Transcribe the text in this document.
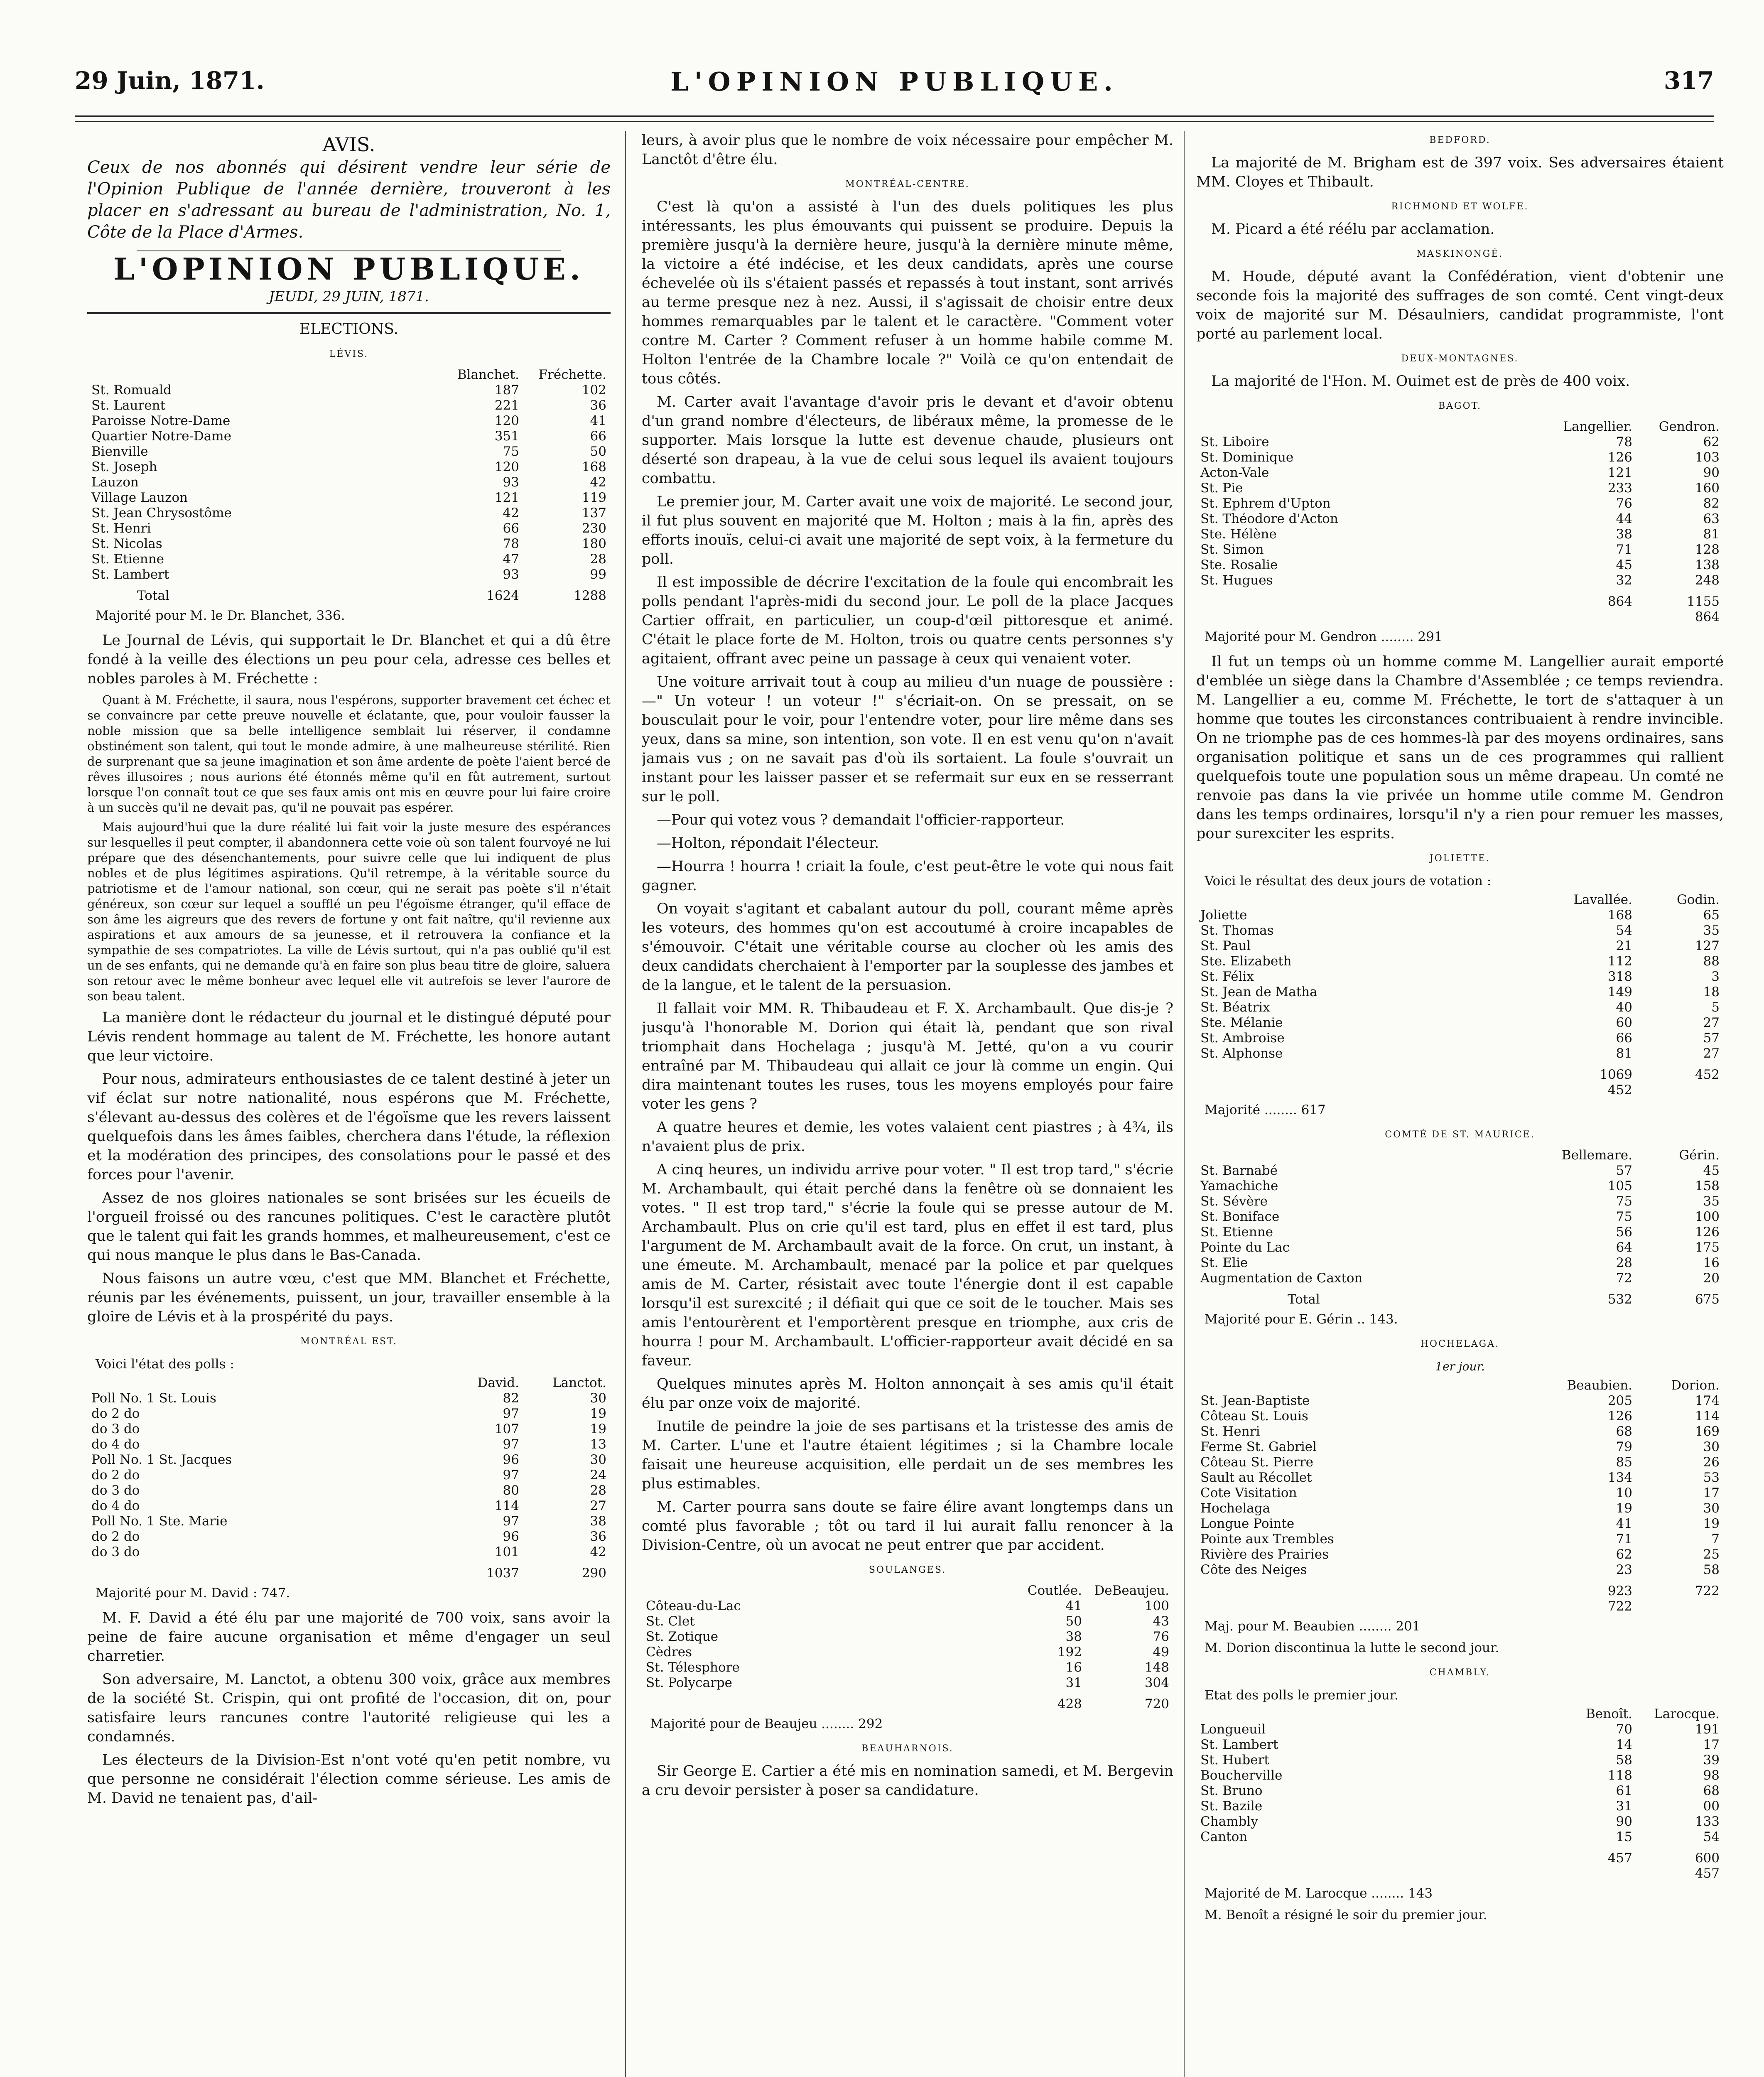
29 Juin, 1871.	L'OPINION PUBLIQUE.	317
AVIS.

Ceux de nos abonnés qui désirent vendre leur série de l'Opinion Publique de l'année dernière, trouveront à les placer en s'adressant au bureau de l'administration, No. 1, Côte de la Place d'Armes.

L'OPINION PUBLIQUE.
JEUDI, 29 JUIN, 1871.
ELECTIONS.
LÉVIS.
	Blanchet.	Fréchette.
St. Romuald	187	102
St. Laurent	221	36
Paroisse Notre-Dame	120	41
Quartier Notre-Dame	351	66
Bienville	75	50
St. Joseph	120	168
Lauzon	93	42
Village Lauzon	121	119
St. Jean Chrysostôme	42	137
St. Henri	66	230
St. Nicolas	78	180
St. Etienne	47	28
St. Lambert	93	99
Total	1624	1288
Majorité pour M. le Dr. Blanchet, 336.

Le Journal de Lévis, qui supportait le Dr. Blanchet et qui a dû être fondé à la veille des élections un peu pour cela, adresse ces belles et nobles paroles à M. Fréchette :

Quant à M. Fréchette, il saura, nous l'espérons, supporter bravement cet échec et se convaincre par cette preuve nouvelle et éclatante, que, pour vouloir fausser la noble mission que sa belle intelligence semblait lui réserver, il condamne obstinément son talent, qui tout le monde admire, à une malheureuse stérilité. Rien de surprenant que sa jeune imagination et son âme ardente de poète l'aient bercé de rêves illusoires ; nous aurions été étonnés même qu'il en fût autrement, surtout lorsque l'on connaît tout ce que ses faux amis ont mis en œuvre pour lui faire croire à un succès qu'il ne devait pas, qu'il ne pouvait pas espérer.

Mais aujourd'hui que la dure réalité lui fait voir la juste mesure des espérances sur lesquelles il peut compter, il abandonnera cette voie où son talent fourvoyé ne lui prépare que des désenchantements, pour suivre celle que lui indiquent de plus nobles et de plus légitimes aspirations. Qu'il retrempe, à la véritable source du patriotisme et de l'amour national, son cœur, qui ne serait pas poète s'il n'était généreux, son cœur sur lequel a soufflé un peu l'égoïsme étranger, qu'il efface de son âme les aigreurs que des revers de fortune y ont fait naître, qu'il revienne aux aspirations et aux amours de sa jeunesse, et il retrouvera la confiance et la sympathie de ses compatriotes. La ville de Lévis surtout, qui n'a pas oublié qu'il est un de ses enfants, qui ne demande qu'à en faire son plus beau titre de gloire, saluera son retour avec le même bonheur avec lequel elle vit autrefois se lever l'aurore de son beau talent.

La manière dont le rédacteur du journal et le distingué député pour Lévis rendent hommage au talent de M. Fréchette, les honore autant que leur victoire.

Pour nous, admirateurs enthousiastes de ce talent destiné à jeter un vif éclat sur notre nationalité, nous espérons que M. Fréchette, s'élevant au-dessus des colères et de l'égoïsme que les revers laissent quelquefois dans les âmes faibles, cherchera dans l'étude, la réflexion et la modération des principes, des consolations pour le passé et des forces pour l'avenir.

Assez de nos gloires nationales se sont brisées sur les écueils de l'orgueil froissé ou des rancunes politiques. C'est le caractère plutôt que le talent qui fait les grands hommes, et malheureusement, c'est ce qui nous manque le plus dans le Bas-Canada.

Nous faisons un autre vœu, c'est que MM. Blanchet et Fréchette, réunis par les événements, puissent, un jour, travailler ensemble à la gloire de Lévis et à la prospérité du pays.

MONTRÉAL EST.
Voici l'état des polls :
	David.	Lanctot.
Poll No. 1 St. Louis	82	30
do 2 do	97	19
do 3 do	107	19
do 4 do	97	13
Poll No. 1 St. Jacques	96	30
do 2 do	97	24
do 3 do	80	28
do 4 do	114	27
Poll No. 1 Ste. Marie	97	38
do 2 do	96	36
do 3 do	101	42
	1037	290
Majorité pour M. David : 747.

M. F. David a été élu par une majorité de 700 voix, sans avoir la peine de faire aucune organisation et même d'engager un seul charretier.

Son adversaire, M. Lanctot, a obtenu 300 voix, grâce aux membres de la société St. Crispin, qui ont profité de l'occasion, dit on, pour satisfaire leurs rancunes contre l'autorité religieuse qui les a condamnés.

Les électeurs de la Division-Est n'ont voté qu'en petit nombre, vu que personne ne considérait l'élection comme sérieuse. Les amis de M. David ne tenaient pas, d'ail-

leurs, à avoir plus que le nombre de voix nécessaire pour empêcher M. Lanctôt d'être élu.

MONTRÉAL-CENTRE.

C'est là qu'on a assisté à l'un des duels politiques les plus intéressants, les plus émouvants qui puissent se produire. Depuis la première jusqu'à la dernière heure, jusqu'à la dernière minute même, la victoire a été indécise, et les deux candidats, après une course échevelée où ils s'étaient passés et repassés à tout instant, sont arrivés au terme presque nez à nez. Aussi, il s'agissait de choisir entre deux hommes remarquables par le talent et le caractère. "Comment voter contre M. Carter ? Comment refuser à un homme habile comme M. Holton l'entrée de la Chambre locale ?" Voilà ce qu'on entendait de tous côtés.

M. Carter avait l'avantage d'avoir pris le devant et d'avoir obtenu d'un grand nombre d'électeurs, de libéraux même, la promesse de le supporter. Mais lorsque la lutte est devenue chaude, plusieurs ont déserté son drapeau, à la vue de celui sous lequel ils avaient toujours combattu.

Le premier jour, M. Carter avait une voix de majorité. Le second jour, il fut plus souvent en majorité que M. Holton ; mais à la fin, après des efforts inouïs, celui-ci avait une majorité de sept voix, à la fermeture du poll.

Il est impossible de décrire l'excitation de la foule qui encombrait les polls pendant l'après-midi du second jour. Le poll de la place Jacques Cartier offrait, en particulier, un coup-d'œil pittoresque et animé. C'était le place forte de M. Holton, trois ou quatre cents personnes s'y agitaient, offrant avec peine un passage à ceux qui venaient voter.

Une voiture arrivait tout à coup au milieu d'un nuage de poussière :—" Un voteur ! un voteur !" s'écriait-on. On se pressait, on se bousculait pour le voir, pour l'entendre voter, pour lire même dans ses yeux, dans sa mine, son intention, son vote. Il en est venu qu'on n'avait jamais vus ; on ne savait pas d'où ils sortaient. La foule s'ouvrait un instant pour les laisser passer et se refermait sur eux en se resserrant sur le poll.

—Pour qui votez vous ? demandait l'officier-rapporteur.

—Holton, répondait l'électeur.

—Hourra ! hourra ! criait la foule, c'est peut-être le vote qui nous fait gagner.

On voyait s'agitant et cabalant autour du poll, courant même après les voteurs, des hommes qu'on est accoutumé à croire incapables de s'émouvoir. C'était une véritable course au clocher où les amis des deux candidats cherchaient à l'emporter par la souplesse des jambes et de la langue, et le talent de la persuasion.

Il fallait voir MM. R. Thibaudeau et F. X. Archambault. Que dis-je ? jusqu'à l'honorable M. Dorion qui était là, pendant que son rival triomphait dans Hochelaga ; jusqu'à M. Jetté, qu'on a vu courir entraîné par M. Thibaudeau qui allait ce jour là comme un engin. Qui dira maintenant toutes les ruses, tous les moyens employés pour faire voter les gens ?

A quatre heures et demie, les votes valaient cent piastres ; à 4¾, ils n'avaient plus de prix.

A cinq heures, un individu arrive pour voter. " Il est trop tard," s'écrie M. Archambault, qui était perché dans la fenêtre où se donnaient les votes. " Il est trop tard," s'écrie la foule qui se presse autour de M. Archambault. Plus on crie qu'il est tard, plus en effet il est tard, plus l'argument de M. Archambault avait de la force. On crut, un instant, à une émeute. M. Archambault, menacé par la police et par quelques amis de M. Carter, résistait avec toute l'énergie dont il est capable lorsqu'il est surexcité ; il défiait qui que ce soit de le toucher. Mais ses amis l'entourèrent et l'emportèrent presque en triomphe, aux cris de hourra ! pour M. Archambault. L'officier-rapporteur avait décidé en sa faveur.

Quelques minutes après M. Holton annonçait à ses amis qu'il était élu par onze voix de majorité.

Inutile de peindre la joie de ses partisans et la tristesse des amis de M. Carter. L'une et l'autre étaient légitimes ; si la Chambre locale faisait une heureuse acquisition, elle perdait un de ses membres les plus estimables.

M. Carter pourra sans doute se faire élire avant longtemps dans un comté plus favorable ; tôt ou tard il lui aurait fallu renoncer à la Division-Centre, où un avocat ne peut entrer que par accident.

SOULANGES.
	Coutlée.	DeBeaujeu.
Côteau-du-Lac	41	100
St. Clet	50	43
St. Zotique	38	76
Cèdres	192	49
St. Télesphore	16	148
St. Polycarpe	31	304
	428	720
Majorité pour de Beaujeu ........ 292
BEAUHARNOIS.

Sir George E. Cartier a été mis en nomination samedi, et M. Bergevin a cru devoir persister à poser sa candidature.

BEDFORD.

La majorité de M. Brigham est de 397 voix. Ses adversaires étaient MM. Cloyes et Thibault.

RICHMOND ET WOLFE.

M. Picard a été réélu par acclamation.

MASKINONGÉ.

M. Houde, député avant la Confédération, vient d'obtenir une seconde fois la majorité des suffrages de son comté. Cent vingt-deux voix de majorité sur M. Désaulniers, candidat programmiste, l'ont porté au parlement local.

DEUX-MONTAGNES.

La majorité de l'Hon. M. Ouimet est de près de 400 voix.

BAGOT.
	Langellier.	Gendron.
St. Liboire	78	62
St. Dominique	126	103
Acton-Vale	121	90
St. Pie	233	160
St. Ephrem d'Upton	76	82
St. Théodore d'Acton	44	63
Ste. Hélène	38	81
St. Simon	71	128
Ste. Rosalie	45	138
St. Hugues	32	248
	864	1155
		864
Majorité pour M. Gendron ........ 291

Il fut un temps où un homme comme M. Langellier aurait emporté d'emblée un siège dans la Chambre d'Assemblée ; ce temps reviendra. M. Langellier a eu, comme M. Fréchette, le tort de s'attaquer à un homme que toutes les circonstances contribuaient à rendre invincible. On ne triomphe pas de ces hommes-là par des moyens ordinaires, sans organisation politique et sans un de ces programmes qui rallient quelquefois toute une population sous un même drapeau. Un comté ne renvoie pas dans la vie privée un homme utile comme M. Gendron dans les temps ordinaires, lorsqu'il n'y a rien pour remuer les masses, pour surexciter les esprits.

JOLIETTE.
Voici le résultat des deux jours de votation :
	Lavallée.	Godin.
Joliette	168	65
St. Thomas	54	35
St. Paul	21	127
Ste. Elizabeth	112	88
St. Félix	318	3
St. Jean de Matha	149	18
St. Béatrix	40	5
Ste. Mélanie	60	27
St. Ambroise	66	57
St. Alphonse	81	27
	1069	452
	452	
Majorité ........ 617
COMTÉ DE ST. MAURICE.
	Bellemare.	Gérin.
St. Barnabé	57	45
Yamachiche	105	158
St. Sévère	75	35
St. Boniface	75	100
St. Etienne	56	126
Pointe du Lac	64	175
St. Elie	28	16
Augmentation de Caxton	72	20
Total	532	675
Majorité pour E. Gérin .. 143.
HOCHELAGA.
1er jour.
	Beaubien.	Dorion.
St. Jean-Baptiste	205	174
Côteau St. Louis	126	114
St. Henri	68	169
Ferme St. Gabriel	79	30
Côteau St. Pierre	85	26
Sault au Récollet	134	53
Cote Visitation	10	17
Hochelaga	19	30
Longue Pointe	41	19
Pointe aux Trembles	71	7
Rivière des Prairies	62	25
Côte des Neiges	23	58
	923	722
	722	
Maj. pour M. Beaubien ........ 201
M. Dorion discontinua la lutte le second jour.
CHAMBLY.
Etat des polls le premier jour.
	Benoît.	Larocque.
Longueuil	70	191
St. Lambert	14	17
St. Hubert	58	39
Boucherville	118	98
St. Bruno	61	68
St. Bazile	31	00
Chambly	90	133
Canton	15	54
	457	600
		457
Majorité de M. Larocque ........ 143
M. Benoît a résigné le soir du premier jour.
